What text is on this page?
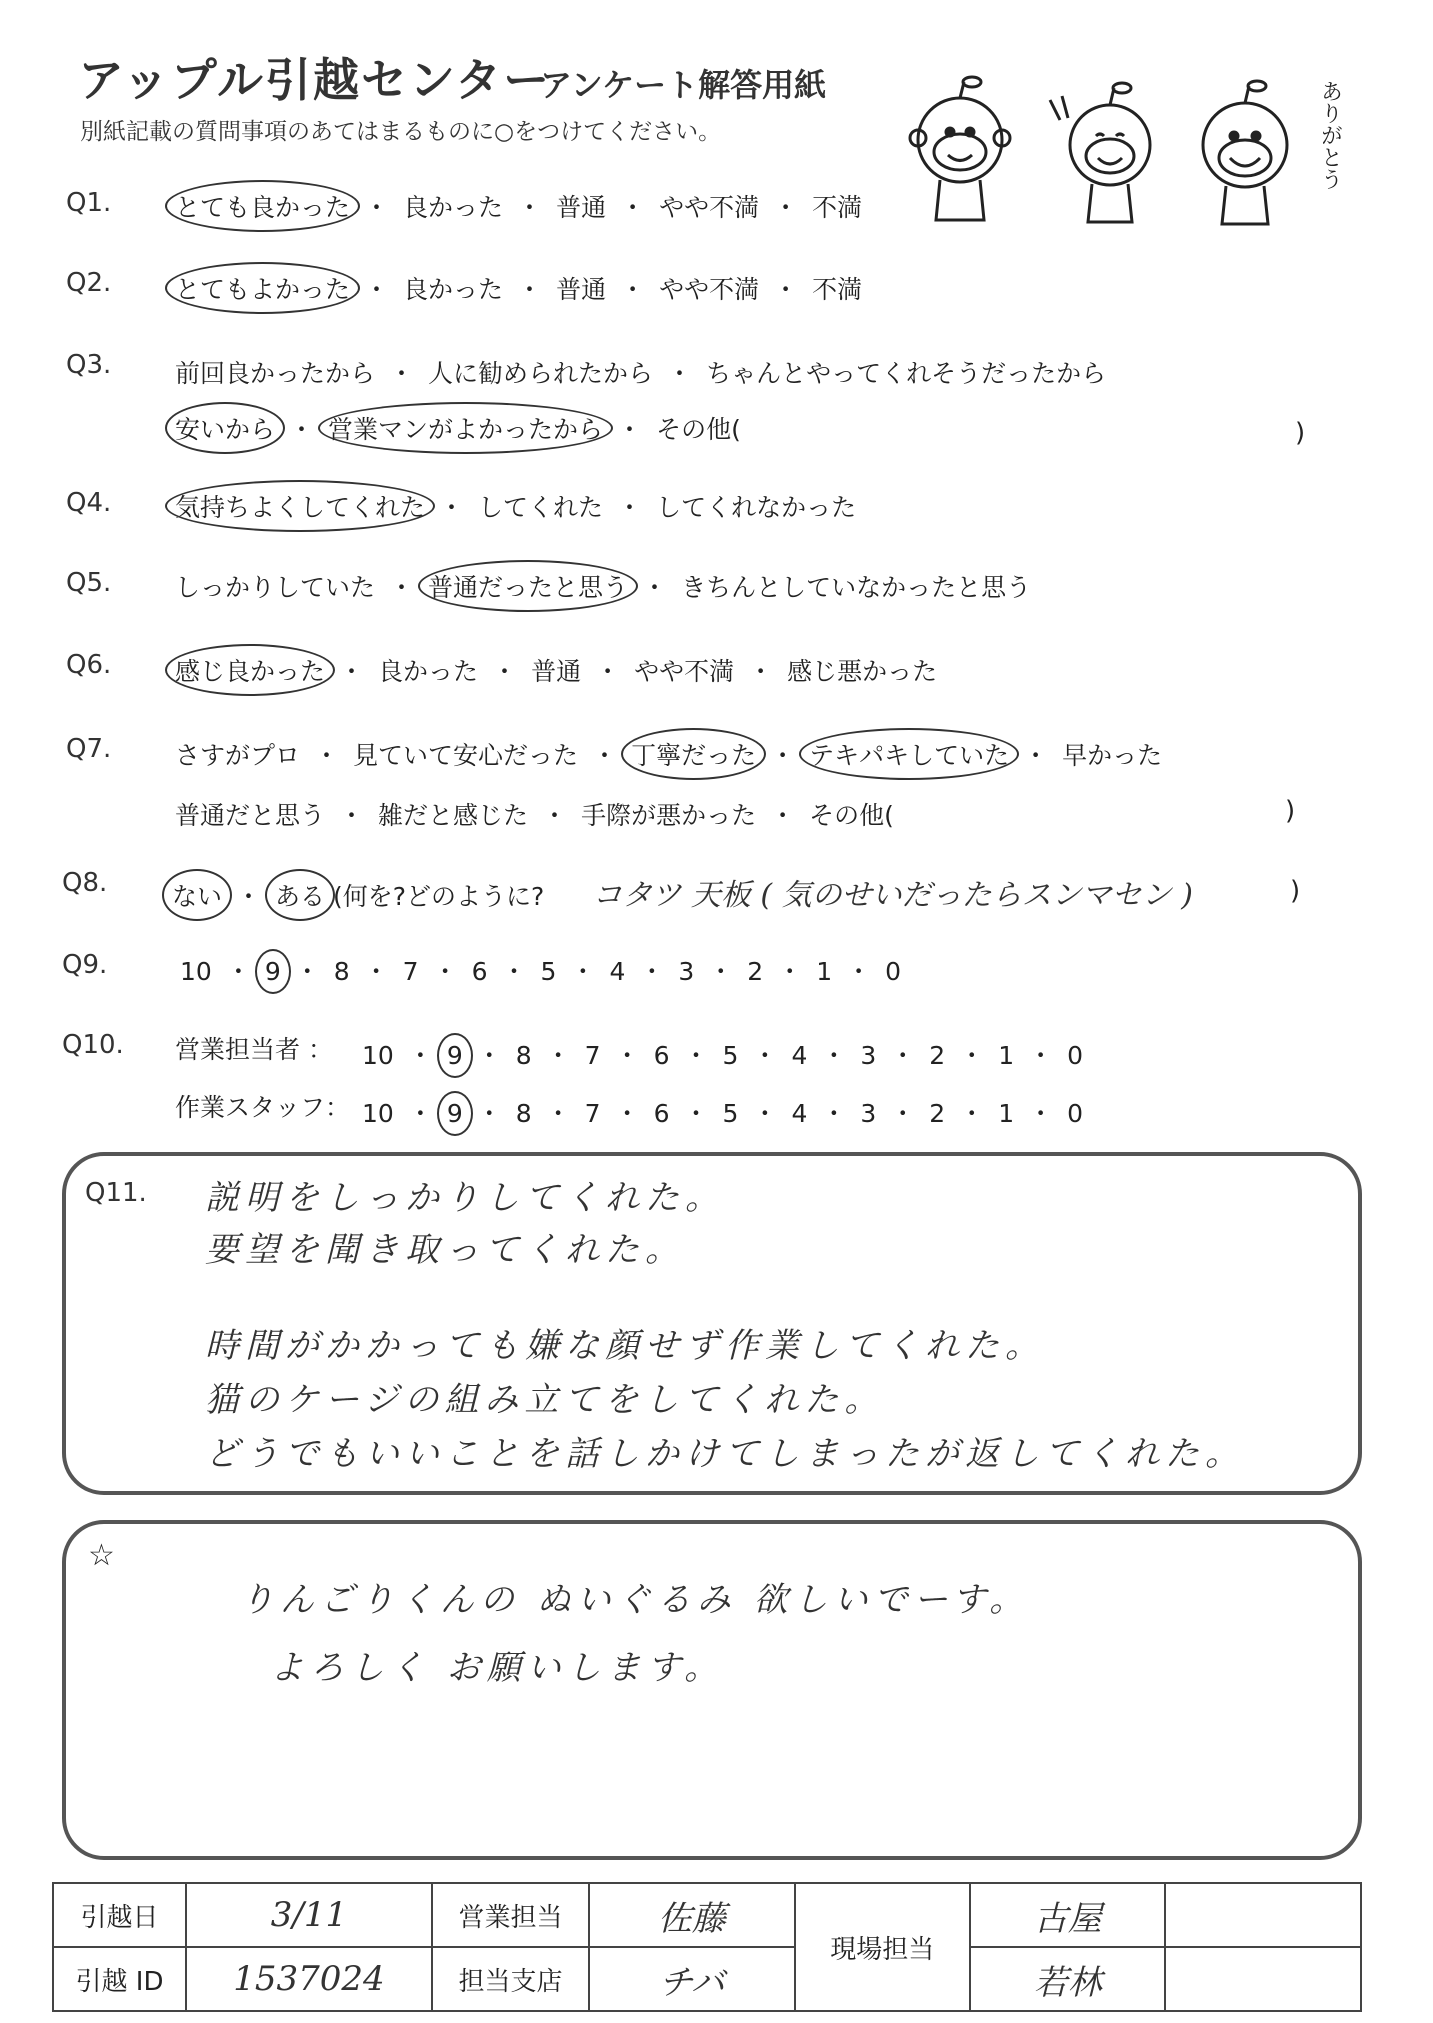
アップル引越センター
アンケート解答用紙
別紙記載の質問事項のあてはまるものに○をつけてください。	ありがとう
Q1.	とても良かった ・ 良かった ・ 普通 ・ やや不満 ・ 不満
Q2.	とてもよかった ・ 良かった ・ 普通 ・ やや不満 ・ 不満
Q3.	前回良かったから ・ 人に勧められたから ・ ちゃんとやってくれそうだったから
安いから ・ 営業マンがよかったから ・ その他(
Q4.	気持ちよくしてくれた ・ してくれた ・ してくれなかった
Q5.	しっかりしていた ・ 普通だったと思う ・ きちんとしていなかったと思う
Q6.	感じ良かった ・ 良かった ・ 普通 ・ やや不満 ・ 感じ悪かった
Q7.	さすがプロ ・ 見ていて安心だった ・ 丁寧だった ・ テキパキしていた ・ 早かった
普通だと思う ・ 雑だと感じた ・ 手際が悪かった ・ その他(
)
)
Q8.	ない ・ ある (何を?どのように? コタツ 天板 ( 気のせいだったらスンマセン )	)
Q9.	10 ・ 9 ・ 8 ・ 7 ・ 6 ・ 5 ・ 4 ・ 3 ・ 2 ・ 1 ・ 0
Q10. 営業担当者 ： 10 ・ 9 ・ 8 ・ 7 ・ 6 ・ 5 ・ 4 ・ 3 ・ 2 ・ 1 ・ 0
作業スタッフ： 10 ・ 9 ・ 8 ・ 7 ・ 6 ・ 5 ・ 4 ・ 3 ・ 2 ・ 1 ・ 0
Q11. 説明をしっかりしてくれた。
要望を聞き取ってくれた。
時間がかかっても嫌な顔せず作業してくれた。
猫のケージの組み立てをしてくれた。
どうでもいいことを話しかけてしまったが返してくれた。
☆
りんごりくんの ぬいぐるみ 欲しいでーす。
よろしく お願いします。
引越日	3/11	営業担当	佐藤	現場担当	古屋	
引越 ID	1537024	担当支店	チバ		若林	
